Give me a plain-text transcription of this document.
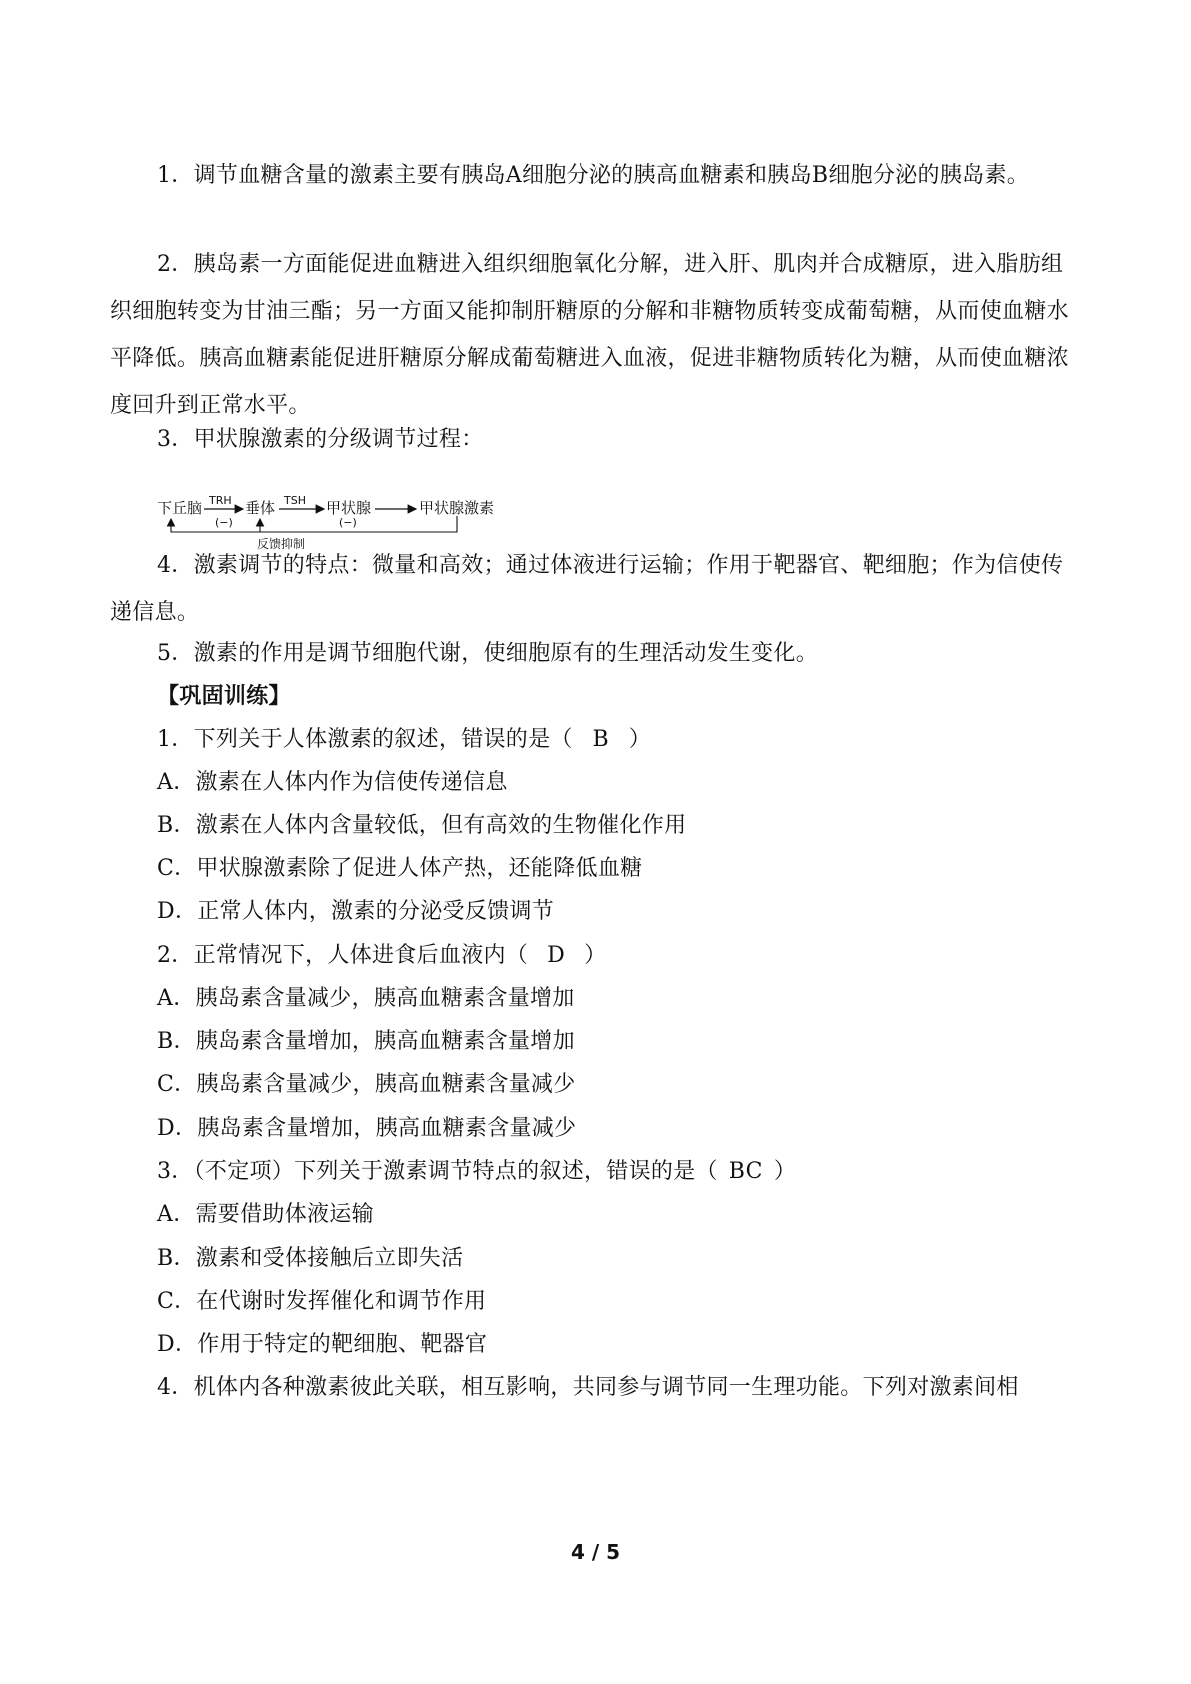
1．调节血糖含量的激素主要有胰岛A细胞分泌的胰高血糖素和胰岛B细胞分泌的胰岛素。

2．胰岛素一方面能促进血糖进入组织细胞氧化分解，进入肝、肌肉并合成糖原，进入脂肪组织细胞转变为甘油三酯；另一方面又能抑制肝糖原的分解和非糖物质转变成葡萄糖，从而使血糖水平降低。胰高血糖素能促进肝糖原分解成葡萄糖进入血液，促进非糖物质转化为糖，从而使血糖浓度回升到正常水平。

3．甲状腺激素的分级调节过程：

下丘脑 TRH
(−)
垂体 TSH
(−)
甲状腺	甲状腺激素
反馈抑制

4．激素调节的特点：微量和高效；通过体液进行运输；作用于靶器官、靶细胞；作为信使传递信息。

5．激素的作用是调节细胞代谢，使细胞原有的生理活动发生变化。

【巩固训练】
1．下列关于人体激素的叙述，错误的是（ B ）
A．激素在人体内作为信使传递信息
B．激素在人体内含量较低，但有高效的生物催化作用
C．甲状腺激素除了促进人体产热，还能降低血糖
D．正常人体内，激素的分泌受反馈调节
2．正常情况下，人体进食后血液内（ D ）
A．胰岛素含量减少，胰高血糖素含量增加
B．胰岛素含量增加，胰高血糖素含量增加
C．胰岛素含量减少，胰高血糖素含量减少
D．胰岛素含量增加，胰高血糖素含量减少
3．（不定项）下列关于激素调节特点的叙述，错误的是（ BC ）
A．需要借助体液运输
B．激素和受体接触后立即失活
C．在代谢时发挥催化和调节作用
D．作用于特定的靶细胞、靶器官
4．机体内各种激素彼此关联，相互影响，共同参与调节同一生理功能。下列对激素间相
4 / 5
